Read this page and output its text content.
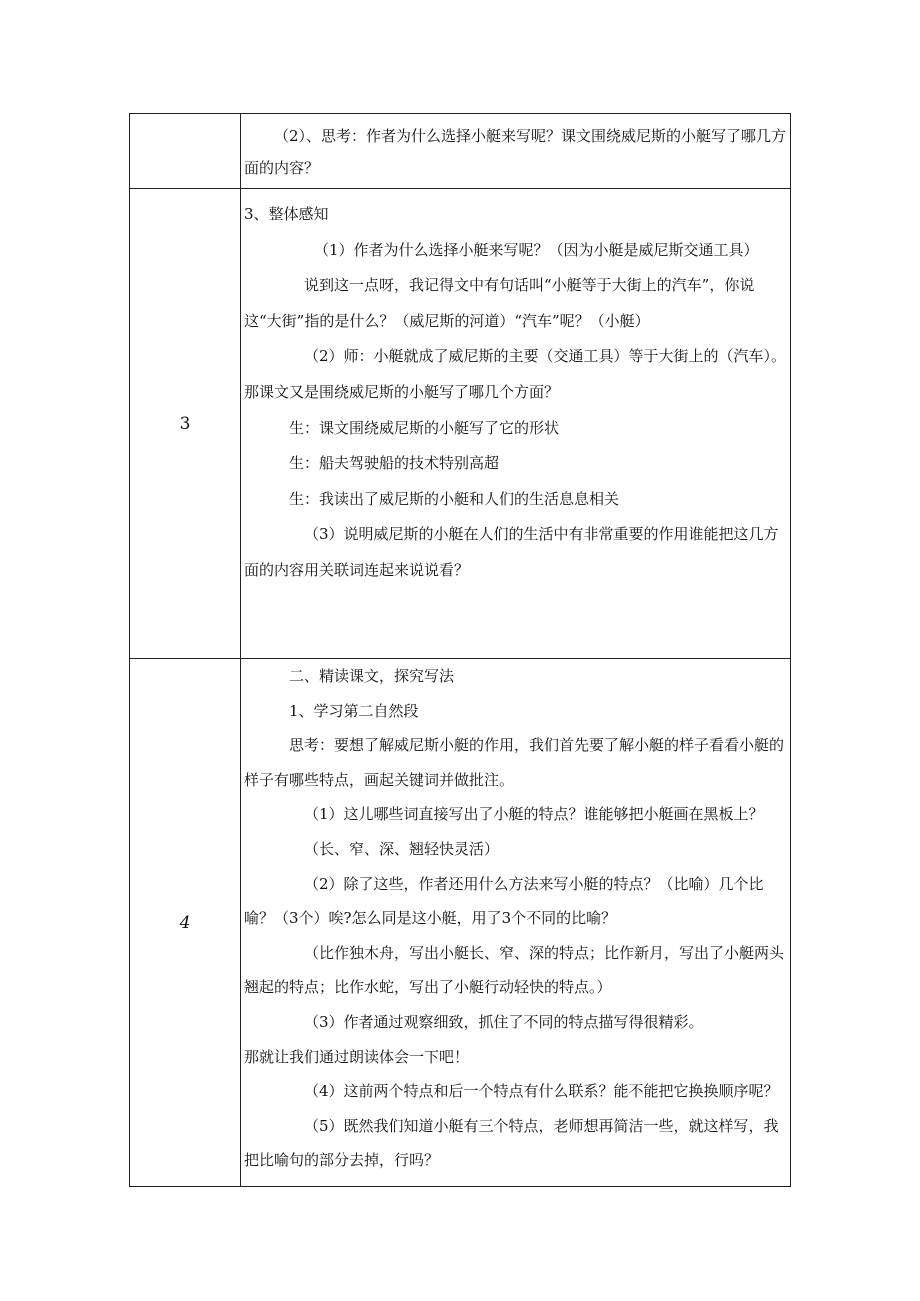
（2）、思考：作者为什么选择小艇来写呢？课文围绕威尼斯的小艇写了哪几方面的内容？

3

3、整体感知

（1）作者为什么选择小艇来写呢？（因为小艇是威尼斯交通工具）

说到这一点呀，我记得文中有句话叫“小艇等于大街上的汽车”，你说这“大街”指的是什么？（威尼斯的河道）“汽车”呢？（小艇）

（2）师：小艇就成了威尼斯的主要（交通工具）等于大街上的（汽车）。那课文又是围绕威尼斯的小艇写了哪几个方面？

生：课文围绕威尼斯的小艇写了它的形状

生：船夫驾驶船的技术特别高超

生：我读出了威尼斯的小艇和人们的生活息息相关

（3）说明威尼斯的小艇在人们的生活中有非常重要的作用谁能把这几方面的内容用关联词连起来说说看？

4

二、精读课文，探究写法

1、学习第二自然段

思考：要想了解威尼斯小艇的作用，我们首先要了解小艇的样子看看小艇的样子有哪些特点，画起关键词并做批注。

（1）这儿哪些词直接写出了小艇的特点？谁能够把小艇画在黑板上？

（长、窄、深、翘轻快灵活）

（2）除了这些，作者还用什么方法来写小艇的特点？（比喻）几个比喻？（3个）唉?怎么同是这小艇，用了3个不同的比喻？

（比作独木舟，写出小艇长、窄、深的特点；比作新月，写出了小艇两头翘起的特点；比作水蛇，写出了小艇行动轻快的特点。）

（3）作者通过观察细致，抓住了不同的特点描写得很精彩。

那就让我们通过朗读体会一下吧！

（4）这前两个特点和后一个特点有什么联系？能不能把它换换顺序呢？

（5）既然我们知道小艇有三个特点，老师想再简洁一些，就这样写，我把比喻句的部分去掉，行吗？
